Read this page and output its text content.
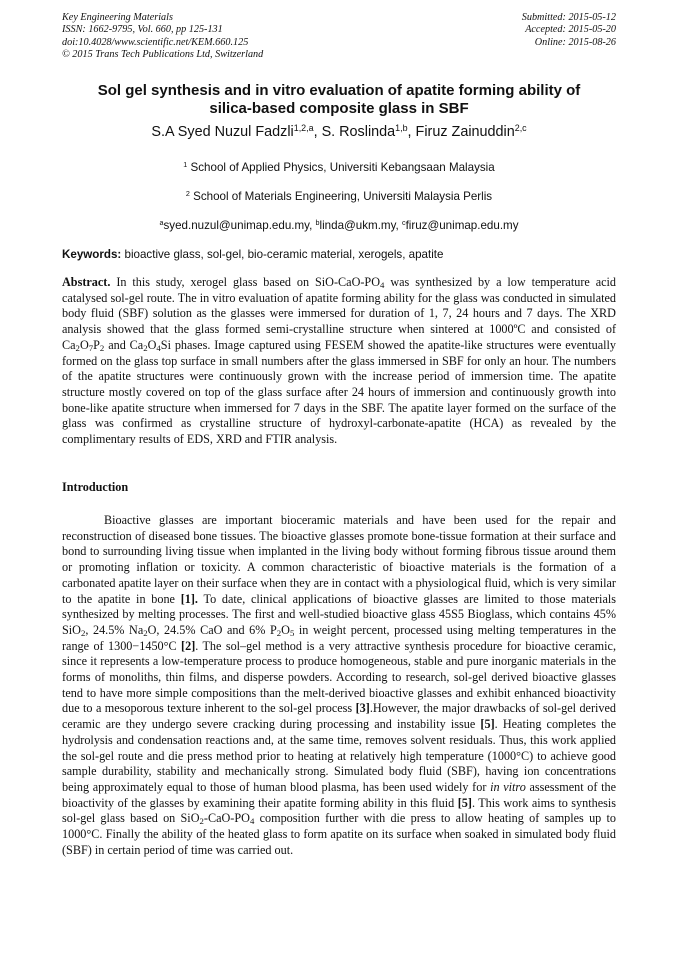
Key Engineering Materials
ISSN: 1662-9795, Vol. 660, pp 125-131
doi:10.4028/www.scientific.net/KEM.660.125
© 2015 Trans Tech Publications Ltd, Switzerland
Submitted: 2015-05-12
Accepted: 2015-05-20
Online: 2015-08-26
Sol gel synthesis and in vitro evaluation of apatite forming ability of
silica-based composite glass in SBF
S.A Syed Nuzul Fadzli$^{1,2,a}$, S. Roslinda$^{1,b}$, Firuz Zainuddin$^{2,c}$
$^1$ School of Applied Physics, Universiti Kebangsaan Malaysia
$^2$ School of Materials Engineering, Universiti Malaysia Perlis
$^a$syed.nuzul@unimap.edu.my, $^b$linda@ukm.my, $^c$firuz@unimap.edu.my
Keywords: bioactive glass, sol-gel, bio-ceramic material, xerogels, apatite

Abstract. In this study, xerogel glass based on SiO-$CaO-PO_4$ was synthesized by a low temperature acid catalysed sol-gel route. The in vitro evaluation of apatite forming ability for the glass was conducted in simulated body fluid (SBF) solution as the glasses were immersed for duration of 1, 7, 24 hours and 7 days. The XRD analysis showed that the glass formed semi-crystalline structure when sintered at 1000ºC and consisted of $Ca_2O_7P_2$ and $Ca_2O_4Si$ phases. Image captured using FESEM showed the apatite-like structures were eventually formed on the glass top surface in small numbers after the glass immersed in SBF for only an hour. The numbers of the apatite structures were continuously grown with the increase period of immersion time. The apatite structure mostly covered on top of the glass surface after 24 hours of immersion and continuously growth into bone-like apatite structure when immersed for 7 days in the SBF. The apatite layer formed on the surface of the glass was confirmed as crystalline structure of hydroxyl-carbonate-apatite (HCA) as revealed by the complimentary results of EDS, XRD and FTIR analysis.

Introduction

Bioactive glasses are important bioceramic materials and have been used for the repair and reconstruction of diseased bone tissues. The bioactive glasses promote bone-tissue formation at their surface and bond to surrounding living tissue when implanted in the living body without forming fibrous tissue around them or promoting inflation or toxicity. A common characteristic of bioactive materials is the formation of a carbonated apatite layer on their surface when they are in contact with a physiological fluid, which is very similar to the apatite in bone [1]. To date, clinical applications of bioactive glasses are limited to those materials synthesized by melting processes. The first and well-studied bioactive glass 45S5 Bioglass, which contains 45% SiO$_2$, 24.5% $Na_2O$, 24.5% CaO and 6% $P_2O_5$ in weight percent, processed using melting temperatures in the range of 1300−1450°C [2]. The sol–gel method is a very attractive synthesis procedure for bioactive ceramic, since it represents a low-temperature process to produce homogeneous, stable and pure inorganic materials in the forms of monoliths, thin films, and disperse powders. According to research, sol-gel derived bioactive glasses tend to have more simple compositions than the melt-derived bioactive glasses and exhibit enhanced bioactivity due to a mesoporous texture inherent to the sol-gel process [3].However, the major drawbacks of sol-gel derived ceramic are they undergo severe cracking during processing and instability issue [5]. Heating completes the hydrolysis and condensation reactions and, at the same time, removes solvent residuals. Thus, this work applied the sol-gel route and die press method prior to heating at relatively high temperature (1000°C) to achieve good sample durability, stability and mechanically strong. Simulated body fluid (SBF), having ion concentrations being approximately equal to those of human blood plasma, has been used widely for in vitro assessment of the bioactivity of the glasses by examining their apatite forming ability in this fluid [5]. This work aims to synthesis sol-gel glass based on $SiO_2-CaO-PO_4$ composition further with die press to allow heating of samples up to 1000°C. Finally the ability of the heated glass to form apatite on its surface when soaked in simulated body fluid (SBF) in certain period of time was carried out.
